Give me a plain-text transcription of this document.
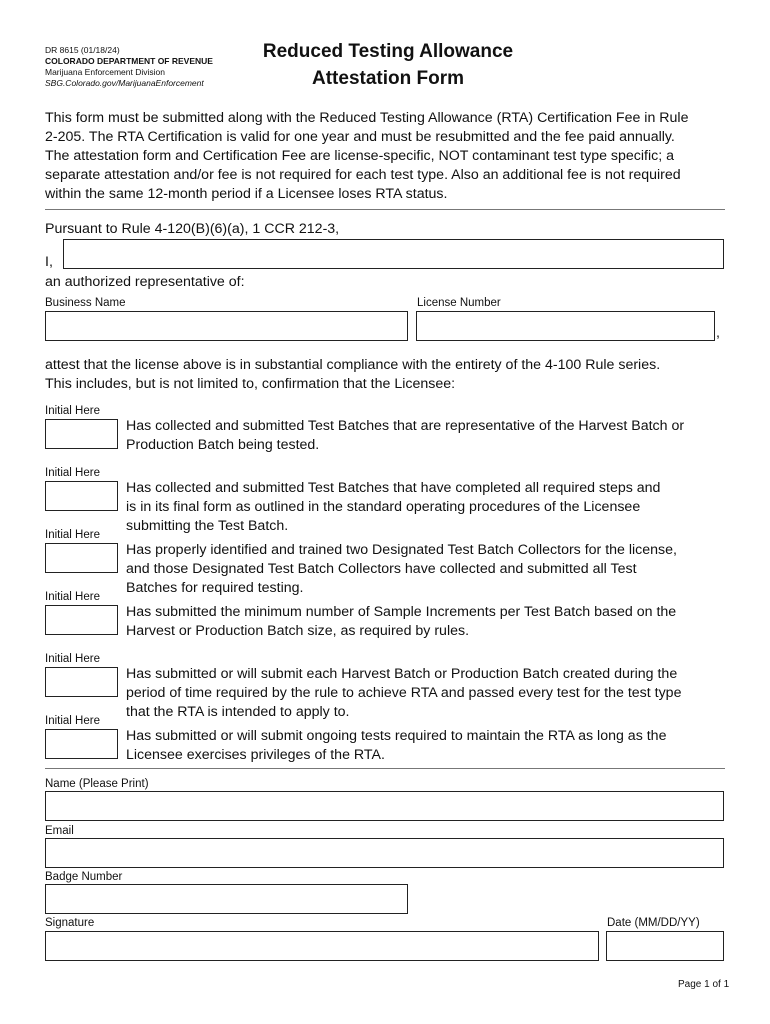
DR 8615 (01/18/24)
COLORADO DEPARTMENT OF REVENUE
Marijuana Enforcement Division
SBG.Colorado.gov/MarijuanaEnforcement
Reduced Testing Allowance
Attestation Form
This form must be submitted along with the Reduced Testing Allowance (RTA) Certification Fee in Rule
2-205. The RTA Certification is valid for one year and must be resubmitted and the fee paid annually.
The attestation form and Certification Fee are license-specific, NOT contaminant test type specific; a
separate attestation and/or fee is not required for each test type. Also an additional fee is not required
within the same 12-month period if a Licensee loses RTA status.
Pursuant to Rule 4-120(B)(6)(a), 1 CCR 212-3,
I,
an authorized representative of:
Business Name	License Number
,
attest that the license above is in substantial compliance with the entirety of the 4-100 Rule series.
This includes, but is not limited to, confirmation that the Licensee:
Initial Here
Has collected and submitted Test Batches that are representative of the Harvest Batch or
Production Batch being tested.
Initial Here
Has collected and submitted Test Batches that have completed all required steps and
is in its final form as outlined in the standard operating procedures of the Licensee
submitting the Test Batch.
Initial Here
Has properly identified and trained two Designated Test Batch Collectors for the license,
and those Designated Test Batch Collectors have collected and submitted all Test
Batches for required testing.
Initial Here
Has submitted the minimum number of Sample Increments per Test Batch based on the
Harvest or Production Batch size, as required by rules.
Initial Here
Has submitted or will submit each Harvest Batch or Production Batch created during the
period of time required by the rule to achieve RTA and passed every test for the test type
that the RTA is intended to apply to.
Initial Here
Has submitted or will submit ongoing tests required to maintain the RTA as long as the
Licensee exercises privileges of the RTA.
Name (Please Print)
Email
Badge Number
Signature	Date (MM/DD/YY)
Page 1 of 1
